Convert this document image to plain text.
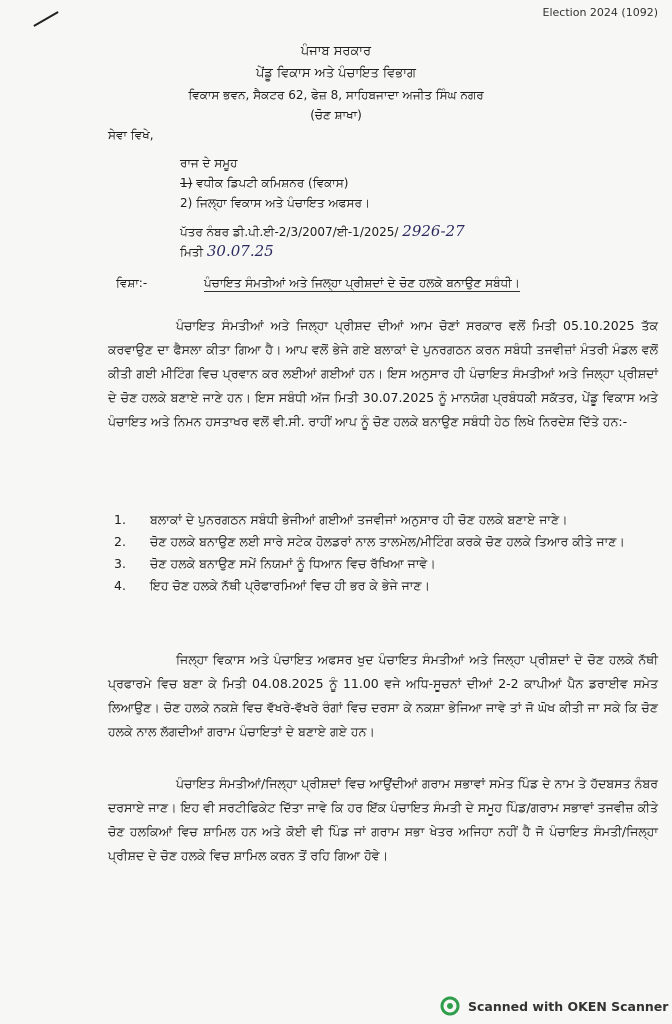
Election 2024 (1092)
ਪੰਜਾਬ ਸਰਕਾਰ
ਪੇਂਡੂ ਵਿਕਾਸ ਅਤੇ ਪੰਚਾਇਤ ਵਿਭਾਗ
ਵਿਕਾਸ ਭਵਨ, ਸੈਕਟਰ 62, ਫੇਜ਼ 8, ਸਾਹਿਬਜਾਦਾ ਅਜੀਤ ਸਿੰਘ ਨਗਰ
(ਚੋਣ ਸ਼ਾਖਾ)
ਸੇਵਾ ਵਿਖੇ,
ਰਾਜ ਦੇ ਸਮੂਹ
1) ਵਧੀਕ ਡਿਪਟੀ ਕਮਿਸ਼ਨਰ (ਵਿਕਾਸ)
2) ਜਿਲ੍ਹਾ ਵਿਕਾਸ ਅਤੇ ਪੰਚਾਇਤ ਅਫਸਰ।
ਪੱਤਰ ਨੰਬਰ ਡੀ.ਪੀ.ਈ-2/3/2007/ਈ-1/2025/ 2926-27
ਮਿਤੀ 30.07.25
ਵਿਸ਼ਾ:-	ਪੰਚਾਇਤ ਸੰਮਤੀਆਂ ਅਤੇ ਜਿਲ੍ਹਾ ਪ੍ਰੀਸ਼ਦਾਂ ਦੇ ਚੋਣ ਹਲਕੇ ਬਨਾਉਣ ਸਬੰਧੀ।
ਪੰਚਾਇਤ ਸੰਮਤੀਆਂ ਅਤੇ ਜਿਲ੍ਹਾ ਪ੍ਰੀਸ਼ਦ ਦੀਆਂ ਆਮ ਚੋਣਾਂ ਸਰਕਾਰ ਵਲੋਂ ਮਿਤੀ 05.10.2025 ਤੱਕ ਕਰਵਾਉਣ ਦਾ ਫੈਸਲਾ ਕੀਤਾ ਗਿਆ ਹੈ। ਆਪ ਵਲੋਂ ਭੇਜੇ ਗਏ ਬਲਾਕਾਂ ਦੇ ਪੁਨਰਗਠਨ ਕਰਨ ਸਬੰਧੀ ਤਜਵੀਜ਼ਾਂ ਮੰਤਰੀ ਮੰਡਲ ਵਲੋਂ ਕੀਤੀ ਗਈ ਮੀਟਿੰਗ ਵਿਚ ਪ੍ਰਵਾਨ ਕਰ ਲਈਆਂ ਗਈਆਂ ਹਨ। ਇਸ ਅਨੁਸਾਰ ਹੀ ਪੰਚਾਇਤ ਸੰਮਤੀਆਂ ਅਤੇ ਜਿਲ੍ਹਾ ਪ੍ਰੀਸ਼ਦਾਂ ਦੇ ਚੋਣ ਹਲਕੇ ਬਣਾਏ ਜਾਣੇ ਹਨ। ਇਸ ਸਬੰਧੀ ਅੱਜ ਮਿਤੀ 30.07.2025 ਨੂੰ ਮਾਨਯੋਗ ਪ੍ਰਬੰਧਕੀ ਸਕੱਤਰ, ਪੇਂਡੂ ਵਿਕਾਸ ਅਤੇ ਪੰਚਾਇਤ ਅਤੇ ਨਿਮਨ ਹਸਤਾਖਰ ਵਲੋਂ ਵੀ.ਸੀ. ਰਾਹੀਂ ਆਪ ਨੂੰ ਚੋਣ ਹਲਕੇ ਬਨਾਉਣ ਸਬੰਧੀ ਹੇਠ ਲਿਖੇ ਨਿਰਦੇਸ਼ ਦਿੱਤੇ ਹਨ:-
1.	ਬਲਾਕਾਂ ਦੇ ਪੁਨਰਗਠਨ ਸਬੰਧੀ ਭੇਜੀਆਂ ਗਈਆਂ ਤਜਵੀਜਾਂ ਅਨੁਸਾਰ ਹੀ ਚੋਣ ਹਲਕੇ ਬਣਾਏ ਜਾਣੇ।
2.	ਚੋਣ ਹਲਕੇ ਬਨਾਉਣ ਲਈ ਸਾਰੇ ਸਟੇਕ ਹੋਲਡਰਾਂ ਨਾਲ ਤਾਲਮੇਲ/ਮੀਟਿੰਗ ਕਰਕੇ ਚੋਣ ਹਲਕੇ ਤਿਆਰ ਕੀਤੇ ਜਾਣ।
3.	ਚੋਣ ਹਲਕੇ ਬਨਾਉਣ ਸਮੇਂ ਨਿਯਮਾਂ ਨੂੰ ਧਿਆਨ ਵਿਚ ਰੱਖਿਆ ਜਾਵੇ।
4.	ਇਹ ਚੋਣ ਹਲਕੇ ਨੱਥੀ ਪ੍ਰੋਫਾਰਮਿਆਂ ਵਿਚ ਹੀ ਭਰ ਕੇ ਭੇਜੇ ਜਾਣ।
ਜਿਲ੍ਹਾ ਵਿਕਾਸ ਅਤੇ ਪੰਚਾਇਤ ਅਫਸਰ ਖੁਦ ਪੰਚਾਇਤ ਸੰਮਤੀਆਂ ਅਤੇ ਜਿਲ੍ਹਾ ਪ੍ਰੀਸ਼ਦਾਂ ਦੇ ਚੋਣ ਹਲਕੇ ਨੱਥੀ ਪ੍ਰਫਾਰਮੇ ਵਿਚ ਬਣਾ ਕੇ ਮਿਤੀ 04.08.2025 ਨੂੰ 11.00 ਵਜੇ ਅਧਿ-ਸੂਚਨਾਂ ਦੀਆਂ 2-2 ਕਾਪੀਆਂ ਪੈਨ ਡਰਾਈਵ ਸਮੇਤ ਲਿਆਉਣ। ਚੋਣ ਹਲਕੇ ਨਕਸ਼ੇ ਵਿਚ ਵੱਖਰੇ-ਵੱਖਰੇ ਰੰਗਾਂ ਵਿਚ ਦਰਸਾ ਕੇ ਨਕਸ਼ਾ ਭੇਜਿਆ ਜਾਵੇ ਤਾਂ ਜੋ ਘੋਖ ਕੀਤੀ ਜਾ ਸਕੇ ਕਿ ਚੋਣ ਹਲਕੇ ਨਾਲ ਲੱਗਦੀਆਂ ਗਰਾਮ ਪੰਚਾਇਤਾਂ ਦੇ ਬਣਾਏ ਗਏ ਹਨ।
ਪੰਚਾਇਤ ਸੰਮਤੀਆਂ/ਜਿਲ੍ਹਾ ਪ੍ਰੀਸ਼ਦਾਂ ਵਿਚ ਆਉਂਦੀਆਂ ਗਰਾਮ ਸਭਾਵਾਂ ਸਮੇਤ ਪਿੰਡ ਦੇ ਨਾਮ ਤੇ ਹੱਦਬਸਤ ਨੰਬਰ ਦਰਸਾਏ ਜਾਣ। ਇਹ ਵੀ ਸਰਟੀਫਿਕੇਟ ਦਿੱਤਾ ਜਾਵੇ ਕਿ ਹਰ ਇੱਕ ਪੰਚਾਇਤ ਸੰਮਤੀ ਦੇ ਸਮੂਹ ਪਿੰਡ/ਗਰਾਮ ਸਭਾਵਾਂ ਤਜਵੀਜ਼ ਕੀਤੇ ਚੋਣ ਹਲਕਿਆਂ ਵਿਚ ਸ਼ਾਮਿਲ ਹਨ ਅਤੇ ਕੋਈ ਵੀ ਪਿੰਡ ਜਾਂ ਗਰਾਮ ਸਭਾ ਖੇਤਰ ਅਜਿਹਾ ਨਹੀਂ ਹੈ ਜੋ ਪੰਚਾਇਤ ਸੰਮਤੀ/ਜਿਲ੍ਹਾ ਪ੍ਰੀਸ਼ਦ ਦੇ ਚੋਣ ਹਲਕੇ ਵਿਚ ਸ਼ਾਮਿਲ ਕਰਨ ਤੋਂ ਰਹਿ ਗਿਆ ਹੋਵੇ।
Scanned with OKEN Scanner
